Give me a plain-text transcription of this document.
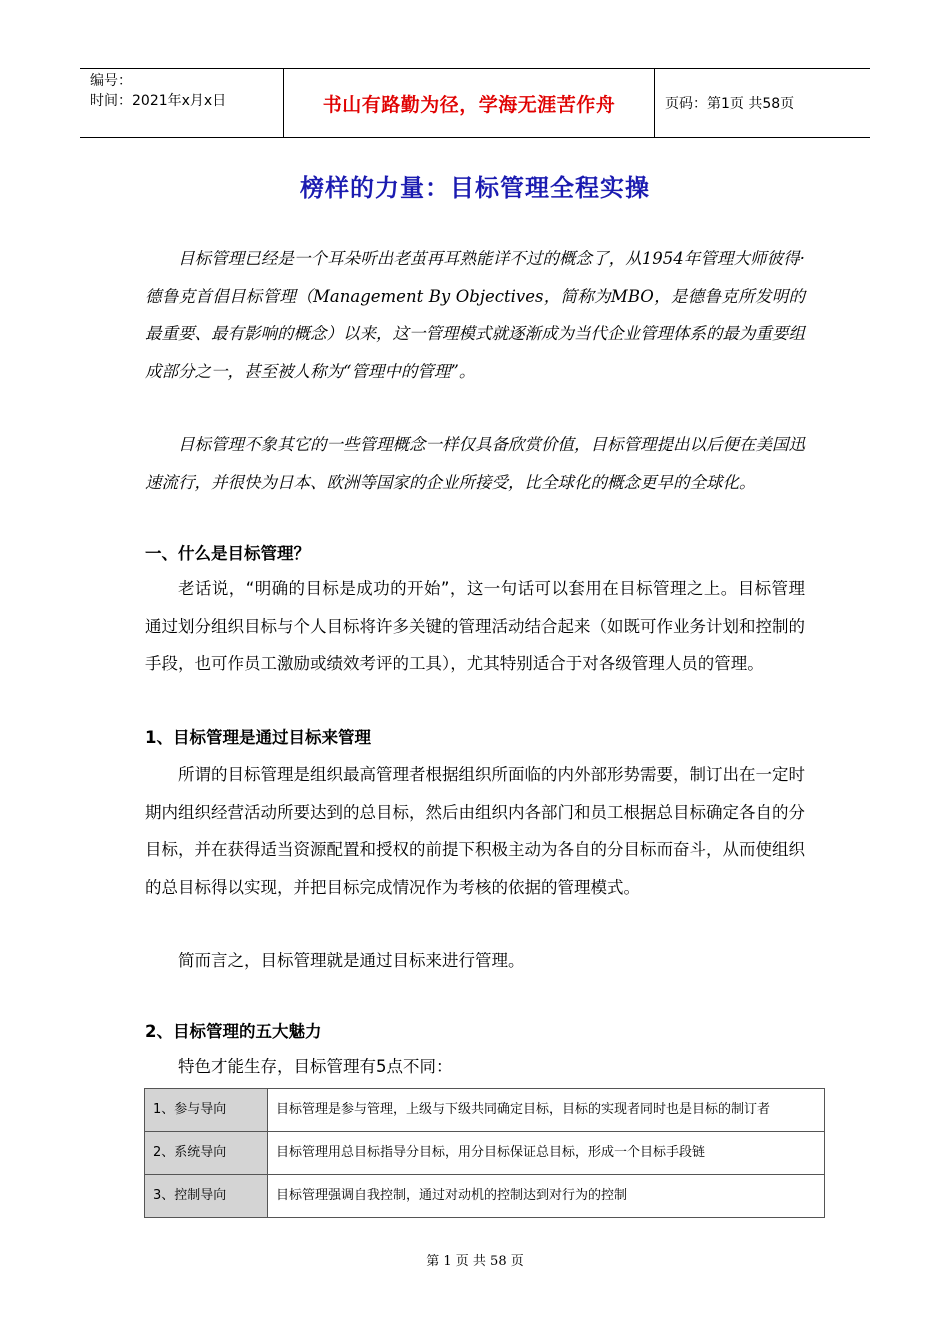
编号：
时间：2021年x月x日	书山有路勤为径，学海无涯苦作舟	页码：第1页 共58页
榜样的力量：目标管理全程实操

目标管理已经是一个耳朵听出老茧再耳熟能详不过的概念了，从1954年管理大师彼得·德鲁克首倡目标管理（Management By Objectives，简称为MBO，是德鲁克所发明的最重要、最有影响的概念）以来，这一管理模式就逐渐成为当代企业管理体系的最为重要组成部分之一，甚至被人称为“管理中的管理”。

目标管理不象其它的一些管理概念一样仅具备欣赏价值，目标管理提出以后便在美国迅速流行，并很快为日本、欧洲等国家的企业所接受，比全球化的概念更早的全球化。

一、什么是目标管理？

老话说，“明确的目标是成功的开始”，这一句话可以套用在目标管理之上。目标管理通过划分组织目标与个人目标将许多关键的管理活动结合起来（如既可作业务计划和控制的手段，也可作员工激励或绩效考评的工具），尤其特别适合于对各级管理人员的管理。

1、目标管理是通过目标来管理

所谓的目标管理是组织最高管理者根据组织所面临的内外部形势需要，制订出在一定时期内组织经营活动所要达到的总目标，然后由组织内各部门和员工根据总目标确定各自的分目标，并在获得适当资源配置和授权的前提下积极主动为各自的分目标而奋斗，从而使组织的总目标得以实现，并把目标完成情况作为考核的依据的管理模式。

简而言之，目标管理就是通过目标来进行管理。

2、目标管理的五大魅力

特色才能生存，目标管理有5点不同：

1、参与导向	目标管理是参与管理，上级与下级共同确定目标，目标的实现者同时也是目标的制订者
2、系统导向	目标管理用总目标指导分目标，用分目标保证总目标，形成一个目标手段链
3、控制导向	目标管理强调自我控制，通过对动机的控制达到对行为的控制
第 1 页 共 58 页
